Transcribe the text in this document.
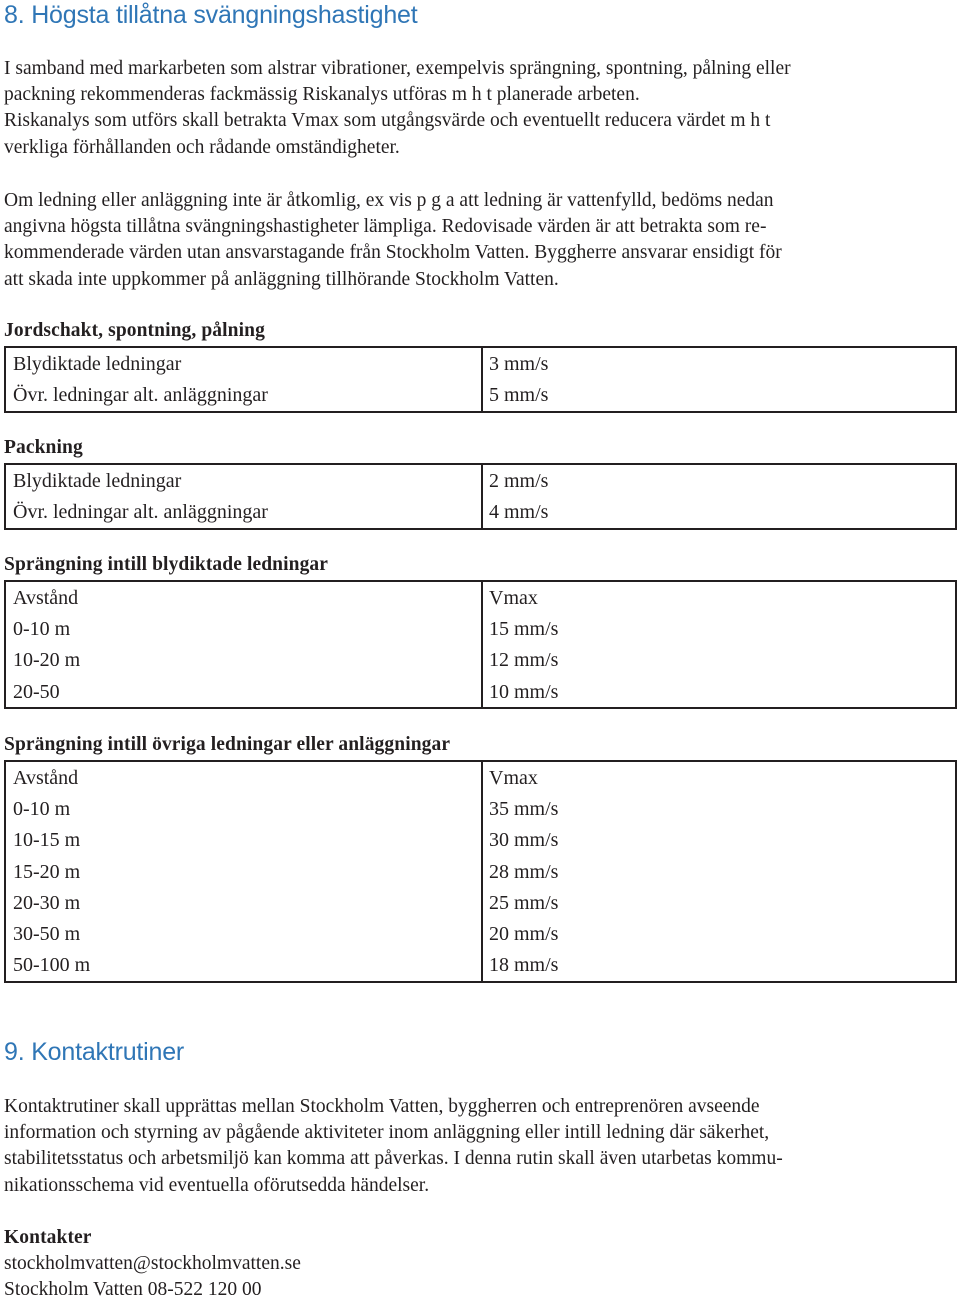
8. Högsta tillåtna svängningshastighet
I samband med markarbeten som alstrar vibrationer, exempelvis sprängning, spontning, pålning eller
packning rekommenderas fackmässig Riskanalys utföras m h t planerade arbeten.
Riskanalys som utförs skall betrakta Vmax som utgångsvärde och eventuellt reducera värdet m h t
verkliga förhållanden och rådande omständigheter.
Om ledning eller anläggning inte är åtkomlig, ex vis p g a att ledning är vattenfylld, bedöms nedan
angivna högsta tillåtna svängningshastigheter lämpliga. Redovisade värden är att betrakta som re-
kommenderade värden utan ansvarstagande från Stockholm Vatten. Byggherre ansvarar ensidigt för
att skada inte uppkommer på anläggning tillhörande Stockholm Vatten.
Jordschakt, spontning, pålning
Blydiktade ledningar	3 mm/s
Övr. ledningar alt. anläggningar	5 mm/s
Packning
Blydiktade ledningar	2 mm/s
Övr. ledningar alt. anläggningar	4 mm/s
Sprängning intill blydiktade ledningar
Avstånd	Vmax
0-10 m	15 mm/s
10-20 m	12 mm/s
20-50	10 mm/s
Sprängning intill övriga ledningar eller anläggningar
Avstånd	Vmax
0-10 m	35 mm/s
10-15 m	30 mm/s
15-20 m	28 mm/s
20-30 m	25 mm/s
30-50 m	20 mm/s
50-100 m	18 mm/s
9. Kontaktrutiner
Kontaktrutiner skall upprättas mellan Stockholm Vatten, byggherren och entreprenören avseende
information och styrning av pågående aktiviteter inom anläggning eller intill ledning där säkerhet,
stabilitetsstatus och arbetsmiljö kan komma att påverkas. I denna rutin skall även utarbetas kommu-
nikationsschema vid eventuella oförutsedda händelser.
Kontakter
stockholmvatten@stockholmvatten.se
Stockholm Vatten 08-522 120 00
